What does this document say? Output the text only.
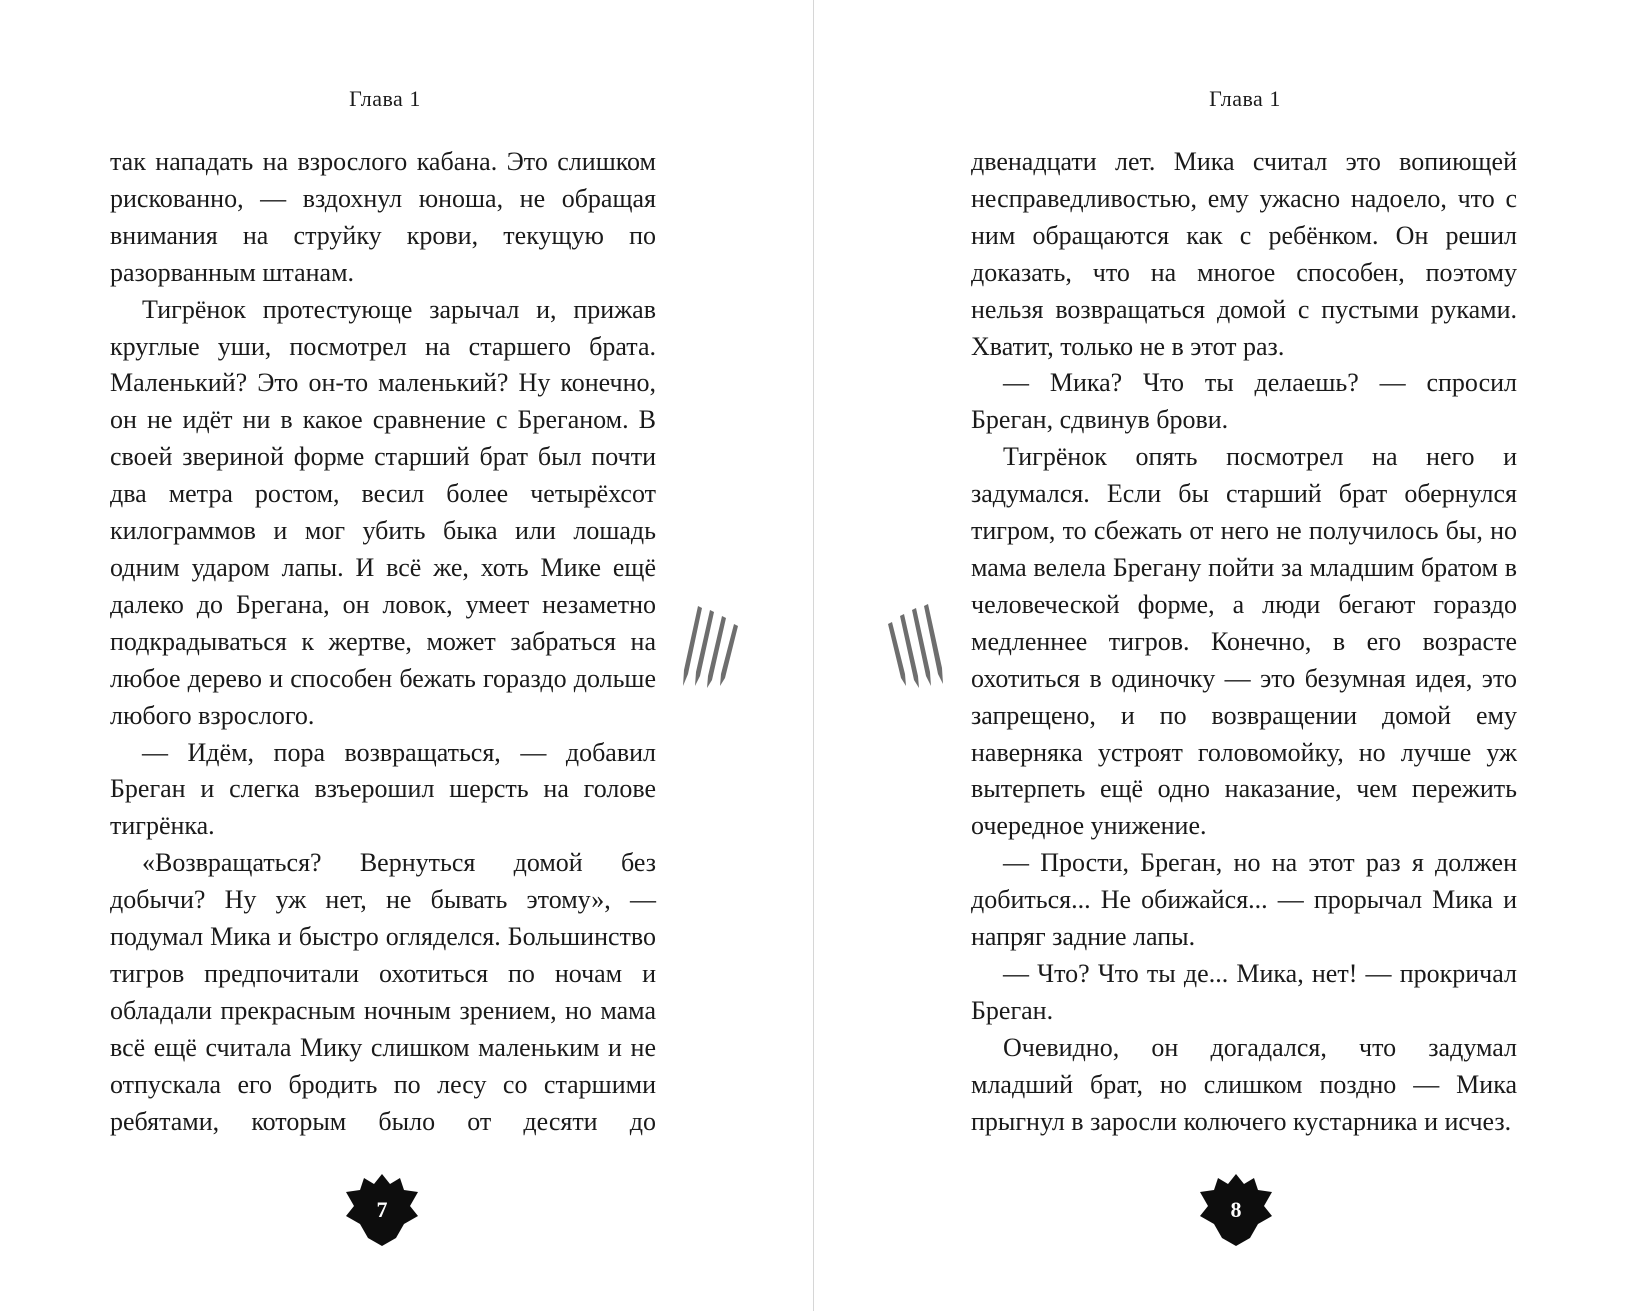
Глава 1

так нападать на взрослого кабана. Это слишком рискованно, — вздохнул юноша, не обращая внимания на струйку крови, текущую по разорванным штанам.

Тигрёнок протестующе зарычал и, прижав круглые уши, посмотрел на старшего брата. Маленький? Это он-то маленький? Ну конечно, он не идёт ни в какое сравнение с Бреганом. В своей звериной форме старший брат был почти два метра ростом, весил более четырёхсот килограммов и мог убить быка или лошадь одним ударом лапы. И всё же, хоть Мике ещё далеко до Брегана, он ловок, умеет незаметно подкрадываться к жертве, может забраться на любое дерево и способен бежать гораздо дольше любого взрослого.

— Идём, пора возвращаться, — добавил Бреган и слегка взъерошил шерсть на голове тигрёнка.

«Возвращаться? Вернуться домой без добычи? Ну уж нет, не бывать этому», — подумал Мика и быстро огляделся. Большинство тигров предпочитали охотиться по ночам и обладали прекрасным ночным зрением, но мама всё ещё считала Мику слишком маленьким и не отпускала его бродить по лесу со старшими ребятами, которым было от десяти до

7
Глава 1

двенадцати лет. Мика считал это вопиющей несправедливостью, ему ужасно надоело, что с ним обращаются как с ребёнком. Он решил доказать, что на многое способен, поэтому нельзя возвращаться домой с пустыми руками. Хватит, только не в этот раз.

— Мика? Что ты делаешь? — спросил Бреган, сдвинув брови.

Тигрёнок опять посмотрел на него и задумался. Если бы старший брат обернулся тигром, то сбежать от него не получилось бы, но мама велела Брегану пойти за младшим братом в человеческой форме, а люди бегают гораздо медленнее тигров. Конечно, в его возрасте охотиться в одиночку — это безумная идея, это запрещено, и по возвращении домой ему наверняка устроят головомойку, но лучше уж вытерпеть ещё одно наказание, чем пережить очередное унижение.

— Прости, Бреган, но на этот раз я должен добиться... Не обижайся... — прорычал Мика и напряг задние лапы.

— Что? Что ты де... Мика, нет! — прокричал Бреган.

Очевидно, он догадался, что задумал младший брат, но слишком поздно — Мика прыгнул в заросли колючего кустарника и исчез.

8
